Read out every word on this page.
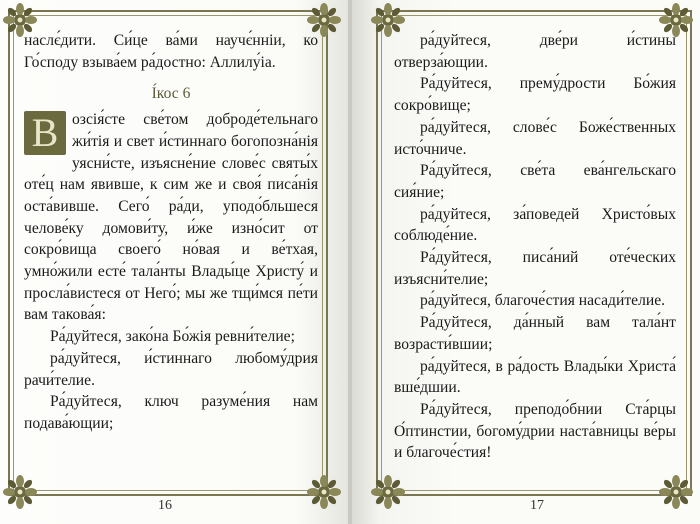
наслє́дити. Си́це ва́ми научє́нніи, ко Го́споду взыва́ем ра́достно: Аллилу́іа.

І́кос 6

В озсія́сте све́том доброде́тельнаго жи́тія и свет и́стиннаго богопозна́нія уясни́сте, изъясне́ние слове́с святы́х оте́ц нам явивше, к сим же и своя́ писа́нія оста́вивше. Сего́ ра́ди, уподо́бльшеся челове́ку домови́ту, и́же изно́сит от сокро́вища своего́ но́вая и ве́тхая, умно́жили есте́ тала́нты Влады́це Христу́ и просла́вистеся от Него́; мы же тщи́мся пе́ти вам такова́я:

Ра́дуйтеся, зако́на Бо́жія ревни́телие;

ра́дуйтеся, и́стиннаго любому́дрия рачи́телие.

Ра́дуйтеся, ключ разуме́ния нам подава́ющии;

16

ра́дуйтеся, две́ри и́стины отверза́ющии.

Ра́дуйтеся, прему́дрости Бо́жия сокро́вище;

ра́дуйтеся, слове́с Боже́ственных исто́чниче.

Ра́дуйтеся, све́та ева́нгельскаго сия́ние;

ра́дуйтеся, за́поведей Христо́вых соблюде́ние.

Ра́дуйтеся, писа́ний оте́ческих изъясни́телие;

ра́дуйтеся, благоче́стия насади́телие.

Ра́дуйтеся, да́нный вам тала́нт возрасти́вшии;

ра́дуйтеся, в ра́дость Влады́ки Христа́ вше́дшии.

Ра́дуйтеся, преподо́бнии Ста́рцы О́птинстии, богому́дрии наста́вницы ве́ры и благоче́стия!

17
